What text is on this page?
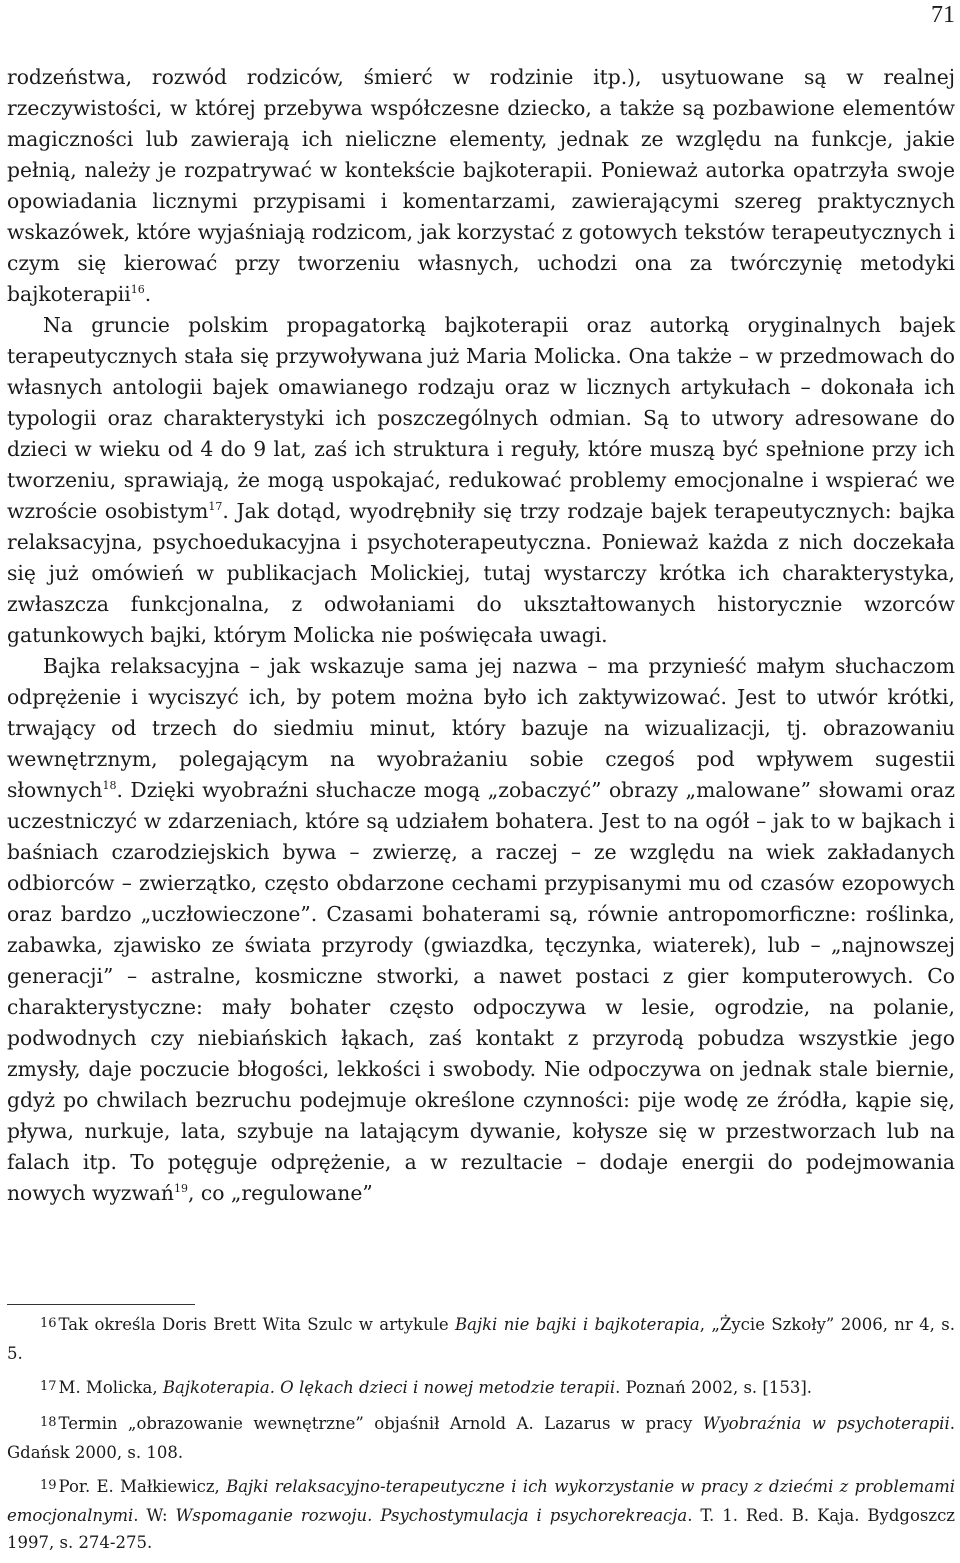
71

rodzeństwa, rozwód rodziców, śmierć w rodzinie itp.), usytuowane są w realnej rzeczywistości, w której przebywa współczesne dziecko, a także są pozbawione elementów magiczności lub zawierają ich nieliczne elementy, jednak ze względu na funkcje, jakie pełnią, należy je rozpatrywać w kontekście bajkoterapii. Ponieważ autorka opatrzyła swoje opowiadania licznymi przypisami i komentarzami, zawierającymi szereg praktycznych wskazówek, które wyjaśniają rodzicom, jak korzystać z gotowych tekstów terapeutycznych i czym się kierować przy tworzeniu własnych, uchodzi ona za twórczynię metodyki bajkoterapii$^{16}$.

Na gruncie polskim propagatorką bajkoterapii oraz autorką oryginalnych bajek terapeutycznych stała się przywoływana już Maria Molicka. Ona także – w przedmowach do własnych antologii bajek omawianego rodzaju oraz w licznych artykułach – dokonała ich typologii oraz charakterystyki ich poszczególnych odmian. Są to utwory adresowane do dzieci w wieku od 4 do 9 lat, zaś ich struktura i reguły, które muszą być spełnione przy ich tworzeniu, sprawiają, że mogą uspokajać, redukować problemy emocjonalne i wspierać we wzroście osobistym$^{17}$. Jak dotąd, wyodrębniły się trzy rodzaje bajek terapeutycznych: bajka relaksacyjna, psychoedukacyjna i psychoterapeutyczna. Ponieważ każda z nich doczekała się już omówień w publikacjach Molickiej, tutaj wystarczy krótka ich charakterystyka, zwłaszcza funkcjonalna, z odwołaniami do ukształtowanych historycznie wzorców gatunkowych bajki, którym Molicka nie poświęcała uwagi.

Bajka relaksacyjna – jak wskazuje sama jej nazwa – ma przynieść małym słuchaczom odprężenie i wyciszyć ich, by potem można było ich zaktywizować. Jest to utwór krótki, trwający od trzech do siedmiu minut, który bazuje na wizualizacji, tj. obrazowaniu wewnętrznym, polegającym na wyobrażaniu sobie czegoś pod wpływem sugestii słownych$^{18}$. Dzięki wyobraźni słuchacze mogą „zobaczyć” obrazy „malowane” słowami oraz uczestniczyć w zdarzeniach, które są udziałem bohatera. Jest to na ogół – jak to w bajkach i baśniach czarodziejskich bywa – zwierzę, a raczej – ze względu na wiek zakładanych odbiorców – zwierzątko, często obdarzone cechami przypisanymi mu od czasów ezopowych oraz bardzo „uczłowieczone”. Czasami bohaterami są, równie antropomorficzne: roślinka, zabawka, zjawisko ze świata przyrody (gwiazdka, tęczynka, wiaterek), lub – „najnowszej generacji” – astralne, kosmiczne stworki, a nawet postaci z gier komputerowych. Co charakterystyczne: mały bohater często odpoczywa w lesie, ogrodzie, na polanie, podwodnych czy niebiańskich łąkach, zaś kontakt z przyrodą pobudza wszystkie jego zmysły, daje poczucie błogości, lekkości i swobody. Nie odpoczywa on jednak stale biernie, gdyż po chwilach bezruchu podejmuje określone czynności: pije wodę ze źródła, kąpie się, pływa, nurkuje, lata, szybuje na latającym dywanie, kołysze się w przestworzach lub na falach itp. To potęguje odprężenie, a w rezultacie – dodaje energii do podejmowania nowych wyzwań$^{19}$, co „regulowane”

16 Tak określa Doris Brett Wita Szulc w artykule Bajki nie bajki i bajkoterapia, „Życie Szkoły” 2006, nr 4, s. 5.

17 M. Molicka, Bajkoterapia. O lękach dzieci i nowej metodzie terapii. Poznań 2002, s. [153].

18 Termin „obrazowanie wewnętrzne” objaśnił Arnold A. Lazarus w pracy Wyobraźnia w psychoterapii. Gdańsk 2000, s. 108.

19 Por. E. Małkiewicz, Bajki relaksacyjno-terapeutyczne i ich wykorzystanie w pracy z dziećmi z problemami emocjonalnymi. W: Wspomaganie rozwoju. Psychostymulacja i psychorekreacja. T. 1. Red. B. Kaja. Bydgoszcz 1997, s. 274-275.
